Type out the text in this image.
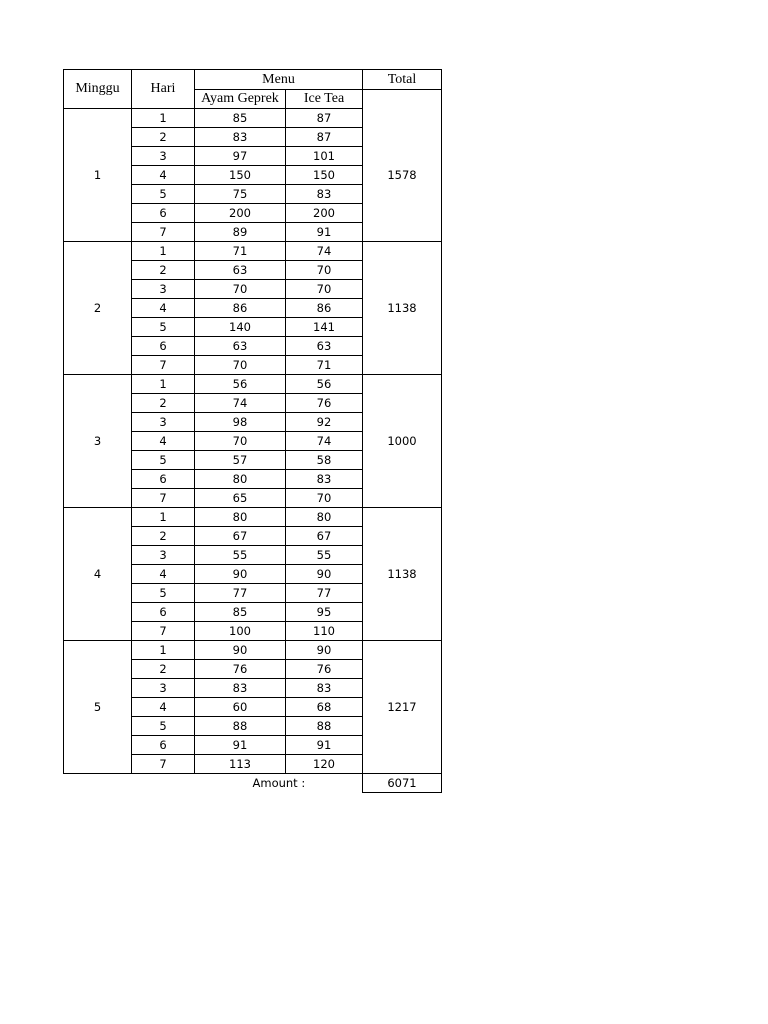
Minggu	Hari	Menu		Total
		Ayam Geprek	Ice Tea	
1	1	85	87	1578
	2	83	87	
	3	97	101	
	4	150	150	
	5	75	83	
	6	200	200	
	7	89	91	
2	1	71	74	1138
	2	63	70	
	3	70	70	
	4	86	86	
	5	140	141	
	6	63	63	
	7	70	71	
3	1	56	56	1000
	2	74	76	
	3	98	92	
	4	70	74	
	5	57	58	
	6	80	83	
	7	65	70	
4	1	80	80	1138
	2	67	67	
	3	55	55	
	4	90	90	
	5	77	77	
	6	85	95	
	7	100	110	
5	1	90	90	1217
	2	76	76	
	3	83	83	
	4	60	68	
	5	88	88	
	6	91	91	
	7	113	120	
		Amount :		6071
